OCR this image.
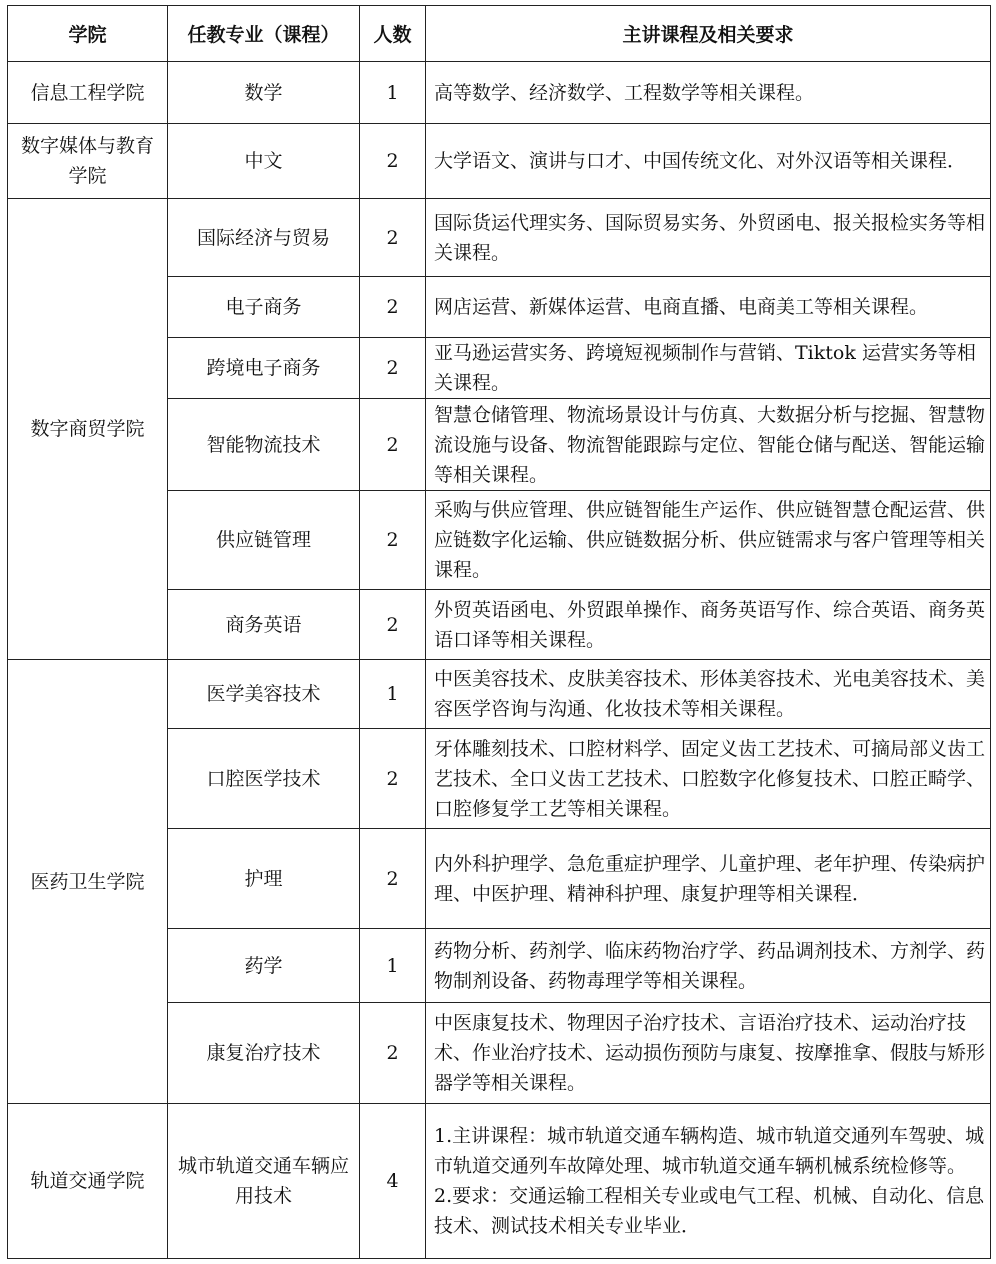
学院	任教专业（课程）	人数	主讲课程及相关要求
信息工程学院	数学	1	高等数学、经济数学、工程数学等相关课程。
数字媒体与教育学院	中文	2	大学语文、演讲与口才、中国传统文化、对外汉语等相关课程．
数字商贸学院	国际经济与贸易	2	国际货运代理实务、国际贸易实务、外贸函电、报关报检实务等相关课程。
	电子商务	2	网店运营、新媒体运营、电商直播、电商美工等相关课程。
	跨境电子商务	2	亚马逊运营实务、跨境短视频制作与营销、Tiktok 运营实务等相关课程。
	智能物流技术	2	智慧仓储管理、物流场景设计与仿真、大数据分析与挖掘、智慧物流设施与设备、物流智能跟踪与定位、智能仓储与配送、智能运输等相关课程。
	供应链管理	2	采购与供应管理、供应链智能生产运作、供应链智慧仓配运营、供应链数字化运输、供应链数据分析、供应链需求与客户管理等相关课程。
	商务英语	2	外贸英语函电、外贸跟单操作、商务英语写作、综合英语、商务英语口译等相关课程。
医药卫生学院	医学美容技术	1	中医美容技术、皮肤美容技术、形体美容技术、光电美容技术、美容医学咨询与沟通、化妆技术等相关课程。
	口腔医学技术	2	牙体雕刻技术、口腔材料学、固定义齿工艺技术、可摘局部义齿工艺技术、全口义齿工艺技术、口腔数字化修复技术、口腔正畸学、口腔修复学工艺等相关课程。
	护理	2	内外科护理学、急危重症护理学、儿童护理、老年护理、传染病护理、中医护理、精神科护理、康复护理等相关课程．
	药学	1	药物分析、药剂学、临床药物治疗学、药品调剂技术、方剂学、药物制剂设备、药物毒理学等相关课程。
	康复治疗技术	2	中医康复技术、物理因子治疗技术、言语治疗技术、运动治疗技术、作业治疗技术、运动损伤预防与康复、按摩推拿、假肢与矫形器学等相关课程。
轨道交通学院	城市轨道交通车辆应用技术	4	1.主讲课程：城市轨道交通车辆构造、城市轨道交通列车驾驶、城市轨道交通列车故障处理、城市轨道交通车辆机械系统检修等。
2.要求：交通运输工程相关专业或电气工程、机械、自动化、信息技术、测试技术相关专业毕业．
